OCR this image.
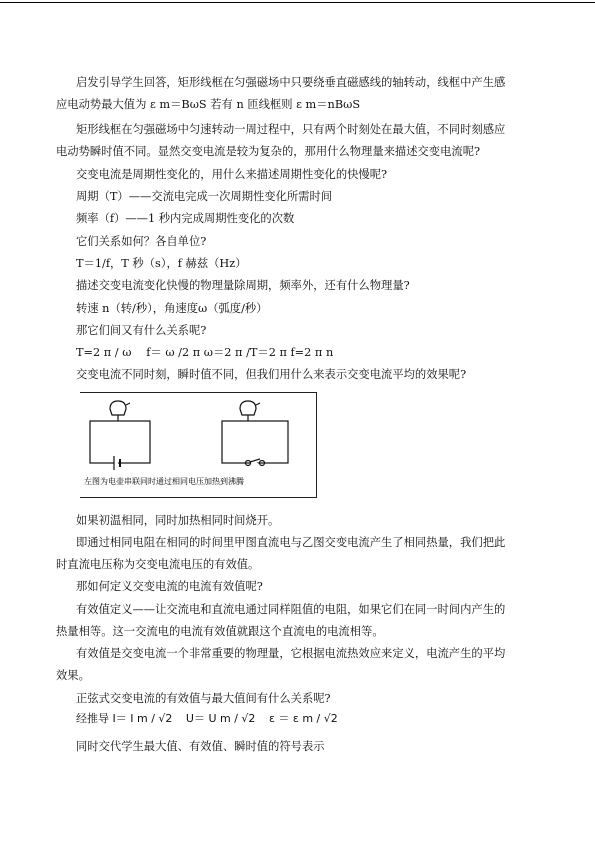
启发引导学生回答，矩形线框在匀强磁场中只要绕垂直磁感线的轴转动，线框中产生感
应电动势最大值为 ε m＝BωS 若有 n 匝线框则 ε m＝nBωS
矩形线框在匀强磁场中匀速转动一周过程中，只有两个时刻处在最大值，不同时刻感应
电动势瞬时值不同。显然交变电流是较为复杂的，那用什么物理量来描述交变电流呢?
交变电流是周期性变化的，用什么来描述周期性变化的快慢呢?
周期（T）——交流电完成一次周期性变化所需时间
频率（f）——1 秒内完成周期性变化的次数
它们关系如何？各自单位?
T＝1/f，T 秒（s），f 赫兹（Hz）
描述交变电流变化快慢的物理量除周期，频率外，还有什么物理量?
转速 n（转/秒），角速度ω（弧度/秒）
那它们间又有什么关系呢?
T=2 π / ω　 f＝ ω /2 π ω＝2 π /T＝2 π f=2 π n
交变电流不同时刻，瞬时值不同，但我们用什么来表示交变电流平均的效果呢?
左图为电壶串联同时通过相同电压加热到沸腾
如果初温相同，同时加热相同时间烧开。
即通过相同电阻在相同的时间里甲图直流电与乙图交变电流产生了相同热量，我们把此
时直流电压称为交变电流电压的有效值。
那如何定义交变电流的电流有效值呢?
有效值定义——让交流电和直流电通过同样阻值的电阻，如果它们在同一时间内产生的
热量相等。这一交流电的电流有效值就跟这个直流电的电流相等。
有效值是交变电流一个非常重要的物理量，它根据电流热效应来定义，电流产生的平均
效果。
正弦式交变电流的有效值与最大值间有什么关系呢?
经推导 I＝ I m / √2 U＝ U m / √2 ε ＝ ε m / √2
同时交代学生最大值、有效值、瞬时值的符号表示
